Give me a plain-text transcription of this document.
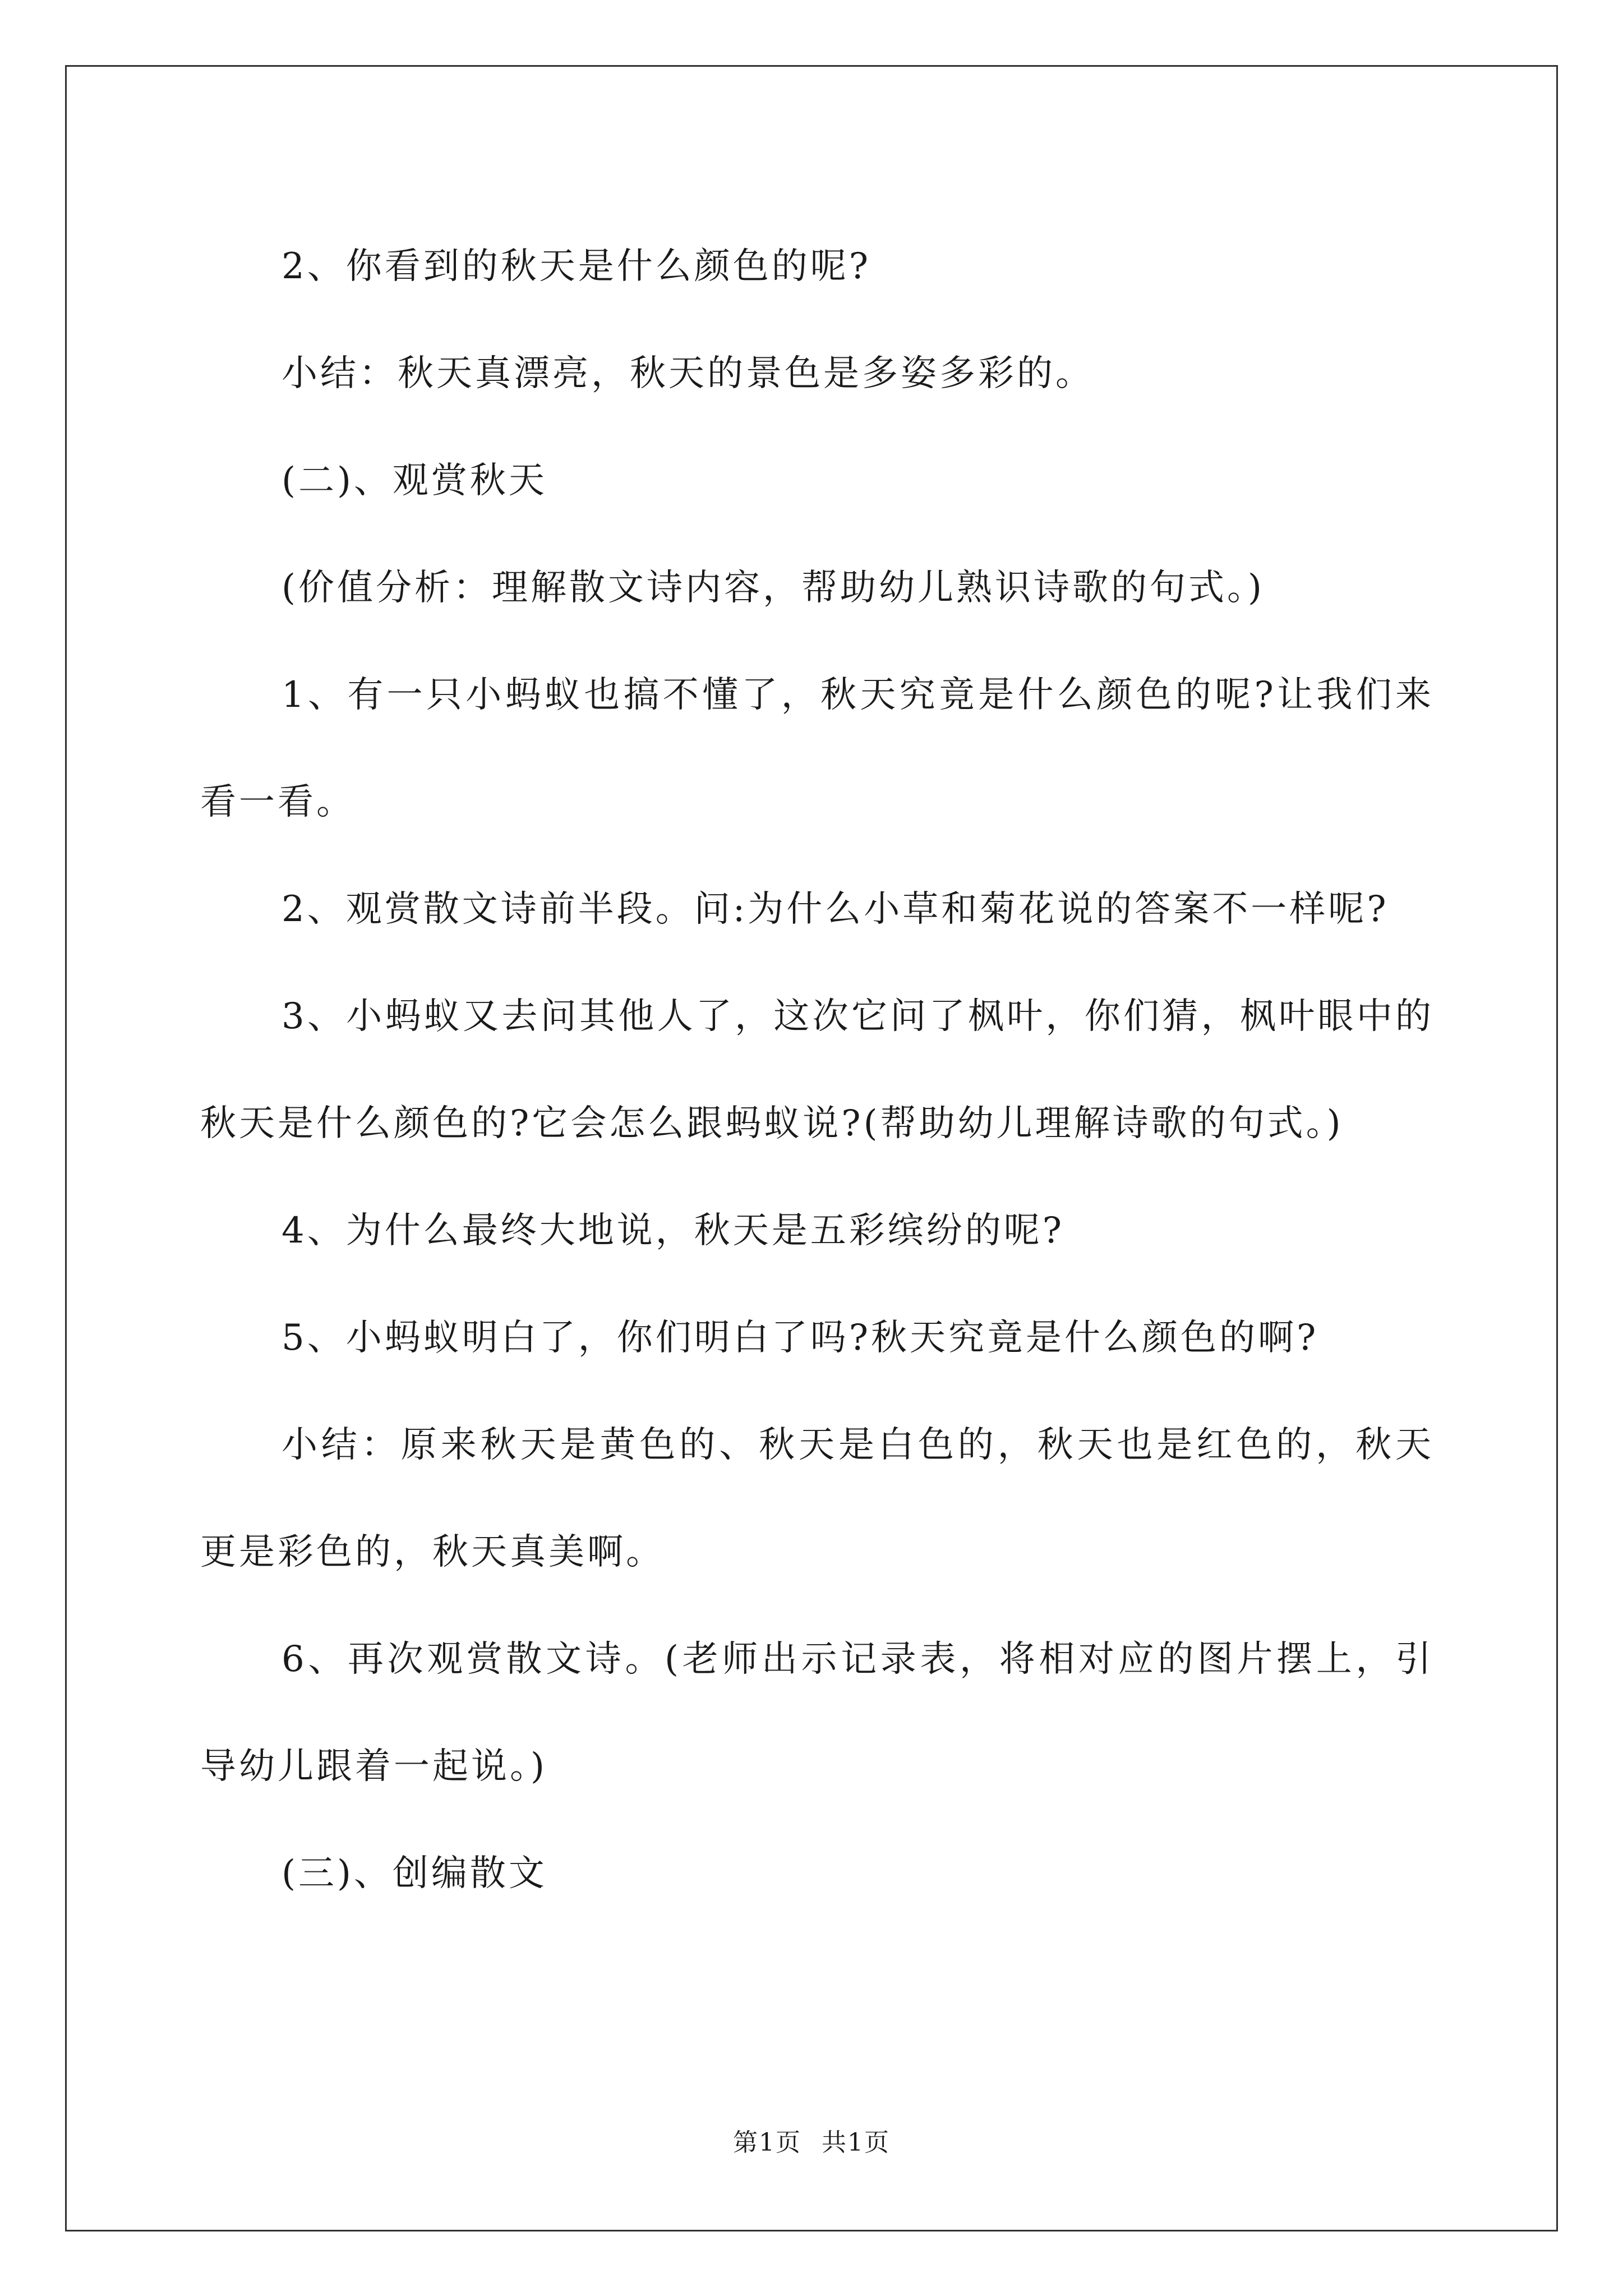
2、你看到的秋天是什么颜色的呢?

小结：秋天真漂亮，秋天的景色是多姿多彩的。

(二)、观赏秋天

(价值分析：理解散文诗内容，帮助幼儿熟识诗歌的句式。)

1、有一只小蚂蚁也搞不懂了，秋天究竟是什么颜色的呢?让我们来看一看。

2、观赏散文诗前半段。问:为什么小草和菊花说的答案不一样呢?

3、小蚂蚁又去问其他人了，这次它问了枫叶，你们猜，枫叶眼中的秋天是什么颜色的?它会怎么跟蚂蚁说?(帮助幼儿理解诗歌的句式。)

4、为什么最终大地说，秋天是五彩缤纷的呢?

5、小蚂蚁明白了，你们明白了吗?秋天究竟是什么颜色的啊?

小结：原来秋天是黄色的、秋天是白色的，秋天也是红色的，秋天更是彩色的，秋天真美啊。

6、再次观赏散文诗。(老师出示记录表，将相对应的图片摆上，引导幼儿跟着一起说。)

(三)、创编散文

第1页 共1页
